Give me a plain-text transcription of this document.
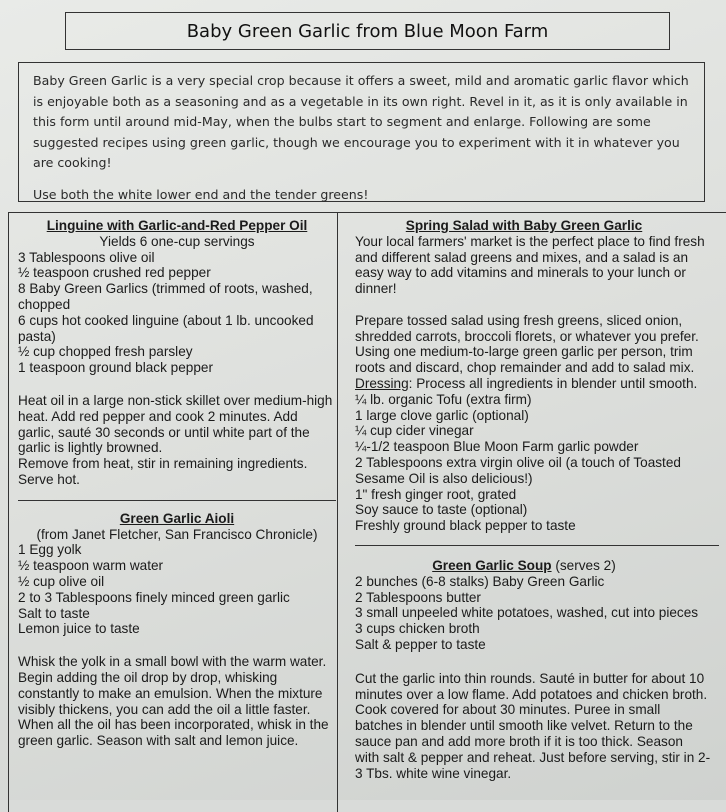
Baby Green Garlic from Blue Moon Farm

Baby Green Garlic is a very special crop because it offers a sweet, mild and aromatic garlic flavor which is enjoyable both as a seasoning and as a vegetable in its own right. Revel in it, as it is only available in this form until around mid-May, when the bulbs start to segment and enlarge. Following are some suggested recipes using green garlic, though we encourage you to experiment with it in whatever you are cooking!

Use both the white lower end and the tender greens!

Linguine with Garlic-and-Red Pepper Oil

Yields 6 one-cup servings

3 Tablespoons olive oil

½ teaspoon crushed red pepper

8 Baby Green Garlics (trimmed of roots, washed, chopped

6 cups hot cooked linguine (about 1 lb. uncooked pasta)

½ cup chopped fresh parsley

1 teaspoon ground black pepper

Heat oil in a large non-stick skillet over medium-high heat. Add red pepper and cook 2 minutes. Add garlic, sauté 30 seconds or until white part of the garlic is lightly browned.

Remove from heat, stir in remaining ingredients. Serve hot.

Green Garlic Aioli

(from Janet Fletcher, San Francisco Chronicle)

1 Egg yolk

½ teaspoon warm water

½ cup olive oil

2 to 3 Tablespoons finely minced green garlic

Salt to taste

Lemon juice to taste

Whisk the yolk in a small bowl with the warm water. Begin adding the oil drop by drop, whisking constantly to make an emulsion. When the mixture visibly thickens, you can add the oil a little faster. When all the oil has been incorporated, whisk in the green garlic. Season with salt and lemon juice.

Spring Salad with Baby Green Garlic

Your local farmers' market is the perfect place to find fresh

and different salad greens and mixes, and a salad is an

easy way to add vitamins and minerals to your lunch or

dinner!

Prepare tossed salad using fresh greens, sliced onion,

shredded carrots, broccoli florets, or whatever you prefer.

Using one medium-to-large green garlic per person, trim

roots and discard, chop remainder and add to salad mix.

Dressing: Process all ingredients in blender until smooth.

¼ lb. organic Tofu (extra firm)

1 large clove garlic (optional)

¼ cup cider vinegar

¼-1/2 teaspoon Blue Moon Farm garlic powder

2 Tablespoons extra virgin olive oil (a touch of Toasted

Sesame Oil is also delicious!)

1" fresh ginger root, grated

Soy sauce to taste (optional)

Freshly ground black pepper to taste

Green Garlic Soup (serves 2)

2 bunches (6-8 stalks) Baby Green Garlic

2 Tablespoons butter

3 small unpeeled white potatoes, washed, cut into pieces

3 cups chicken broth

Salt & pepper to taste

Cut the garlic into thin rounds. Sauté in butter for about 10

minutes over a low flame. Add potatoes and chicken broth.

Cook covered for about 30 minutes. Puree in small

batches in blender until smooth like velvet. Return to the

sauce pan and add more broth if it is too thick. Season

with salt & pepper and reheat. Just before serving, stir in 2-

3 Tbs. white wine vinegar.
